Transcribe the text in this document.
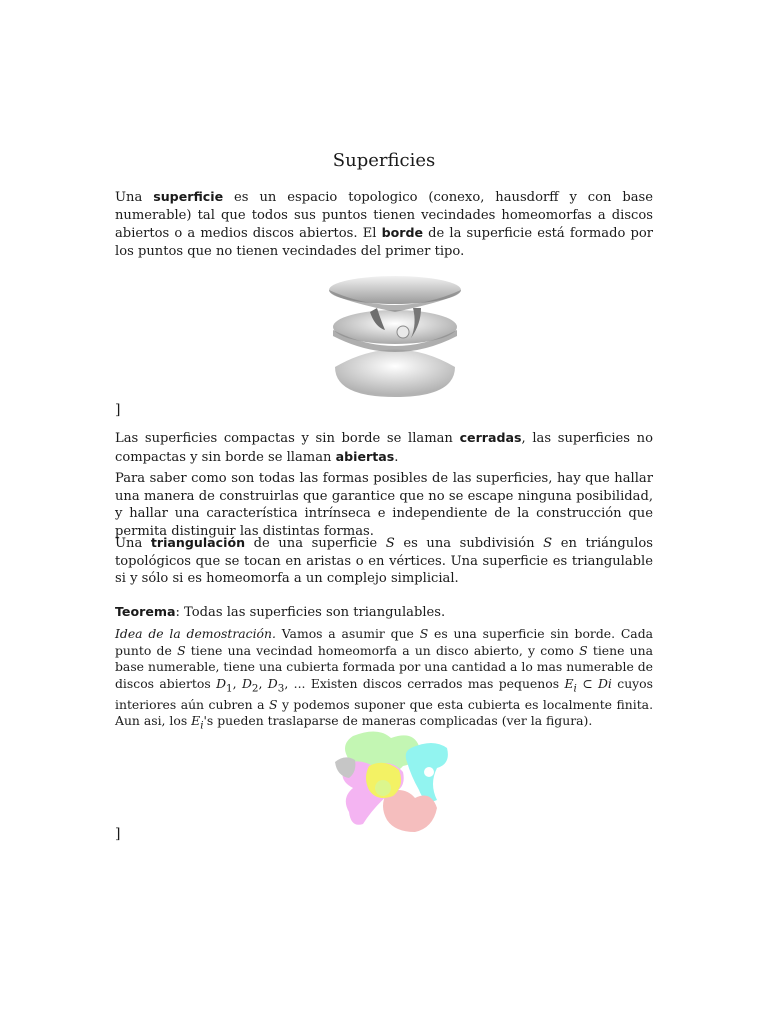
Superficies

Una superficie es un espacio topologico (conexo, hausdorff y con base numerable) tal que todos sus puntos tienen vecindades homeomorfas a discos abiertos o a medios discos abiertos. El borde de la superficie está formado por los puntos que no tienen vecindades del primer tipo.

]

Las superficies compactas y sin borde se llaman cerradas, las superficies no compactas y sin borde se llaman abiertas.

Para saber como son todas las formas posibles de las superficies, hay que hallar una manera de construirlas que garantice que no se escape ninguna posibilidad, y hallar una característica intrínseca e independiente de la construcción que permita distinguir las distintas formas.

Una triangulación de una superficie S es una subdivisión S en triángulos topológicos que se tocan en aristas o en vértices. Una superficie es triangulable si y sólo si es homeomorfa a un complejo simplicial.

Teorema: Todas las superficies son triangulables.

Idea de la demostración. Vamos a asumir que S es una superficie sin borde. Cada punto de S tiene una vecindad homeomorfa a un disco abierto, y como S tiene una base numerable, tiene una cubierta formada por una cantidad a lo mas numerable de discos abiertos $D_1$, $D_2$, $D_3$, ... Existen discos cerrados mas pequenos $E_i$ ⊂ Di cuyos interiores aún cubren a S y podemos suponer que esta cubierta es localmente finita. Aun asi, los $E_i's$ pueden traslaparse de maneras complicadas (ver la figura).

]
